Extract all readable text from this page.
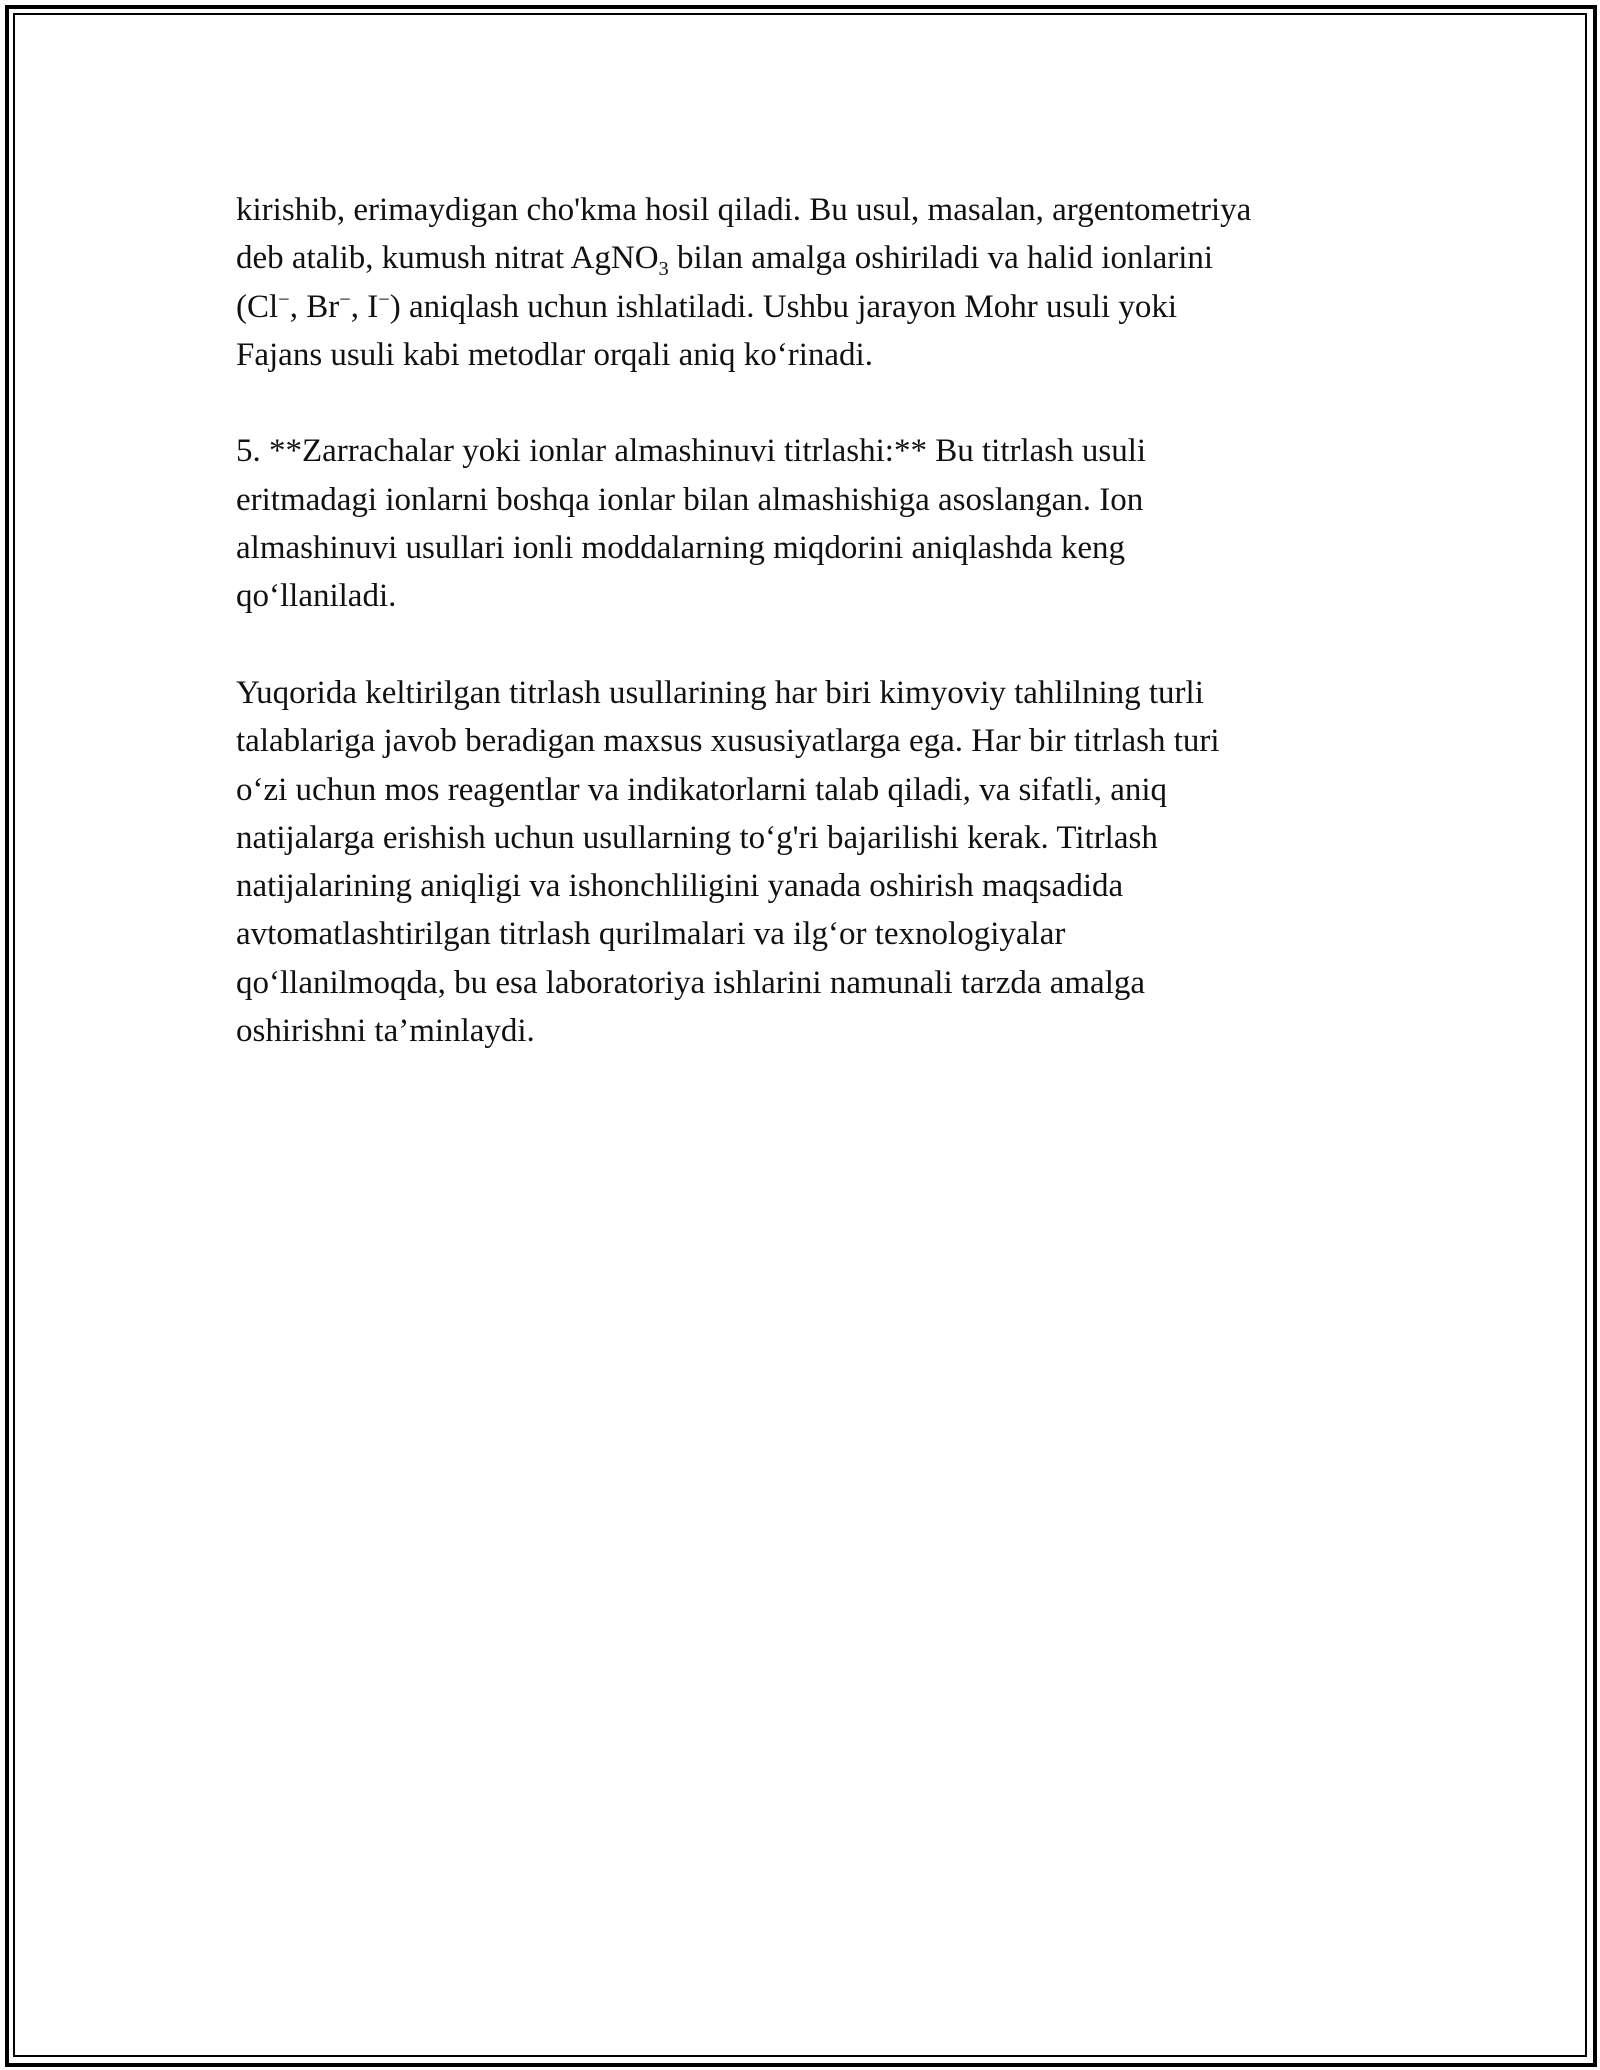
kirishib, erimaydigan cho'kma hosil qiladi. Bu usul, masalan, argentometriya
deb atalib, kumush nitrat AgNO3 bilan amalga oshiriladi va halid ionlarini
(Cl−, Br−, I−) aniqlash uchun ishlatiladi. Ushbu jarayon Mohr usuli yoki
Fajans usuli kabi metodlar orqali aniq ko‘rinadi.

5. **Zarrachalar yoki ionlar almashinuvi titrlashi:** Bu titrlash usuli
eritmadagi ionlarni boshqa ionlar bilan almashishiga asoslangan. Ion
almashinuvi usullari ionli moddalarning miqdorini aniqlashda keng
qo‘llaniladi.

Yuqorida keltirilgan titrlash usullarining har biri kimyoviy tahlilning turli
talablariga javob beradigan maxsus xususiyatlarga ega. Har bir titrlash turi
o‘zi uchun mos reagentlar va indikatorlarni talab qiladi, va sifatli, aniq
natijalarga erishish uchun usullarning to‘g'ri bajarilishi kerak. Titrlash
natijalarining aniqligi va ishonchliligini yanada oshirish maqsadida
avtomatlashtirilgan titrlash qurilmalari va ilg‘or texnologiyalar
qo‘llanilmoqda, bu esa laboratoriya ishlarini namunali tarzda amalga
oshirishni ta’minlaydi.
